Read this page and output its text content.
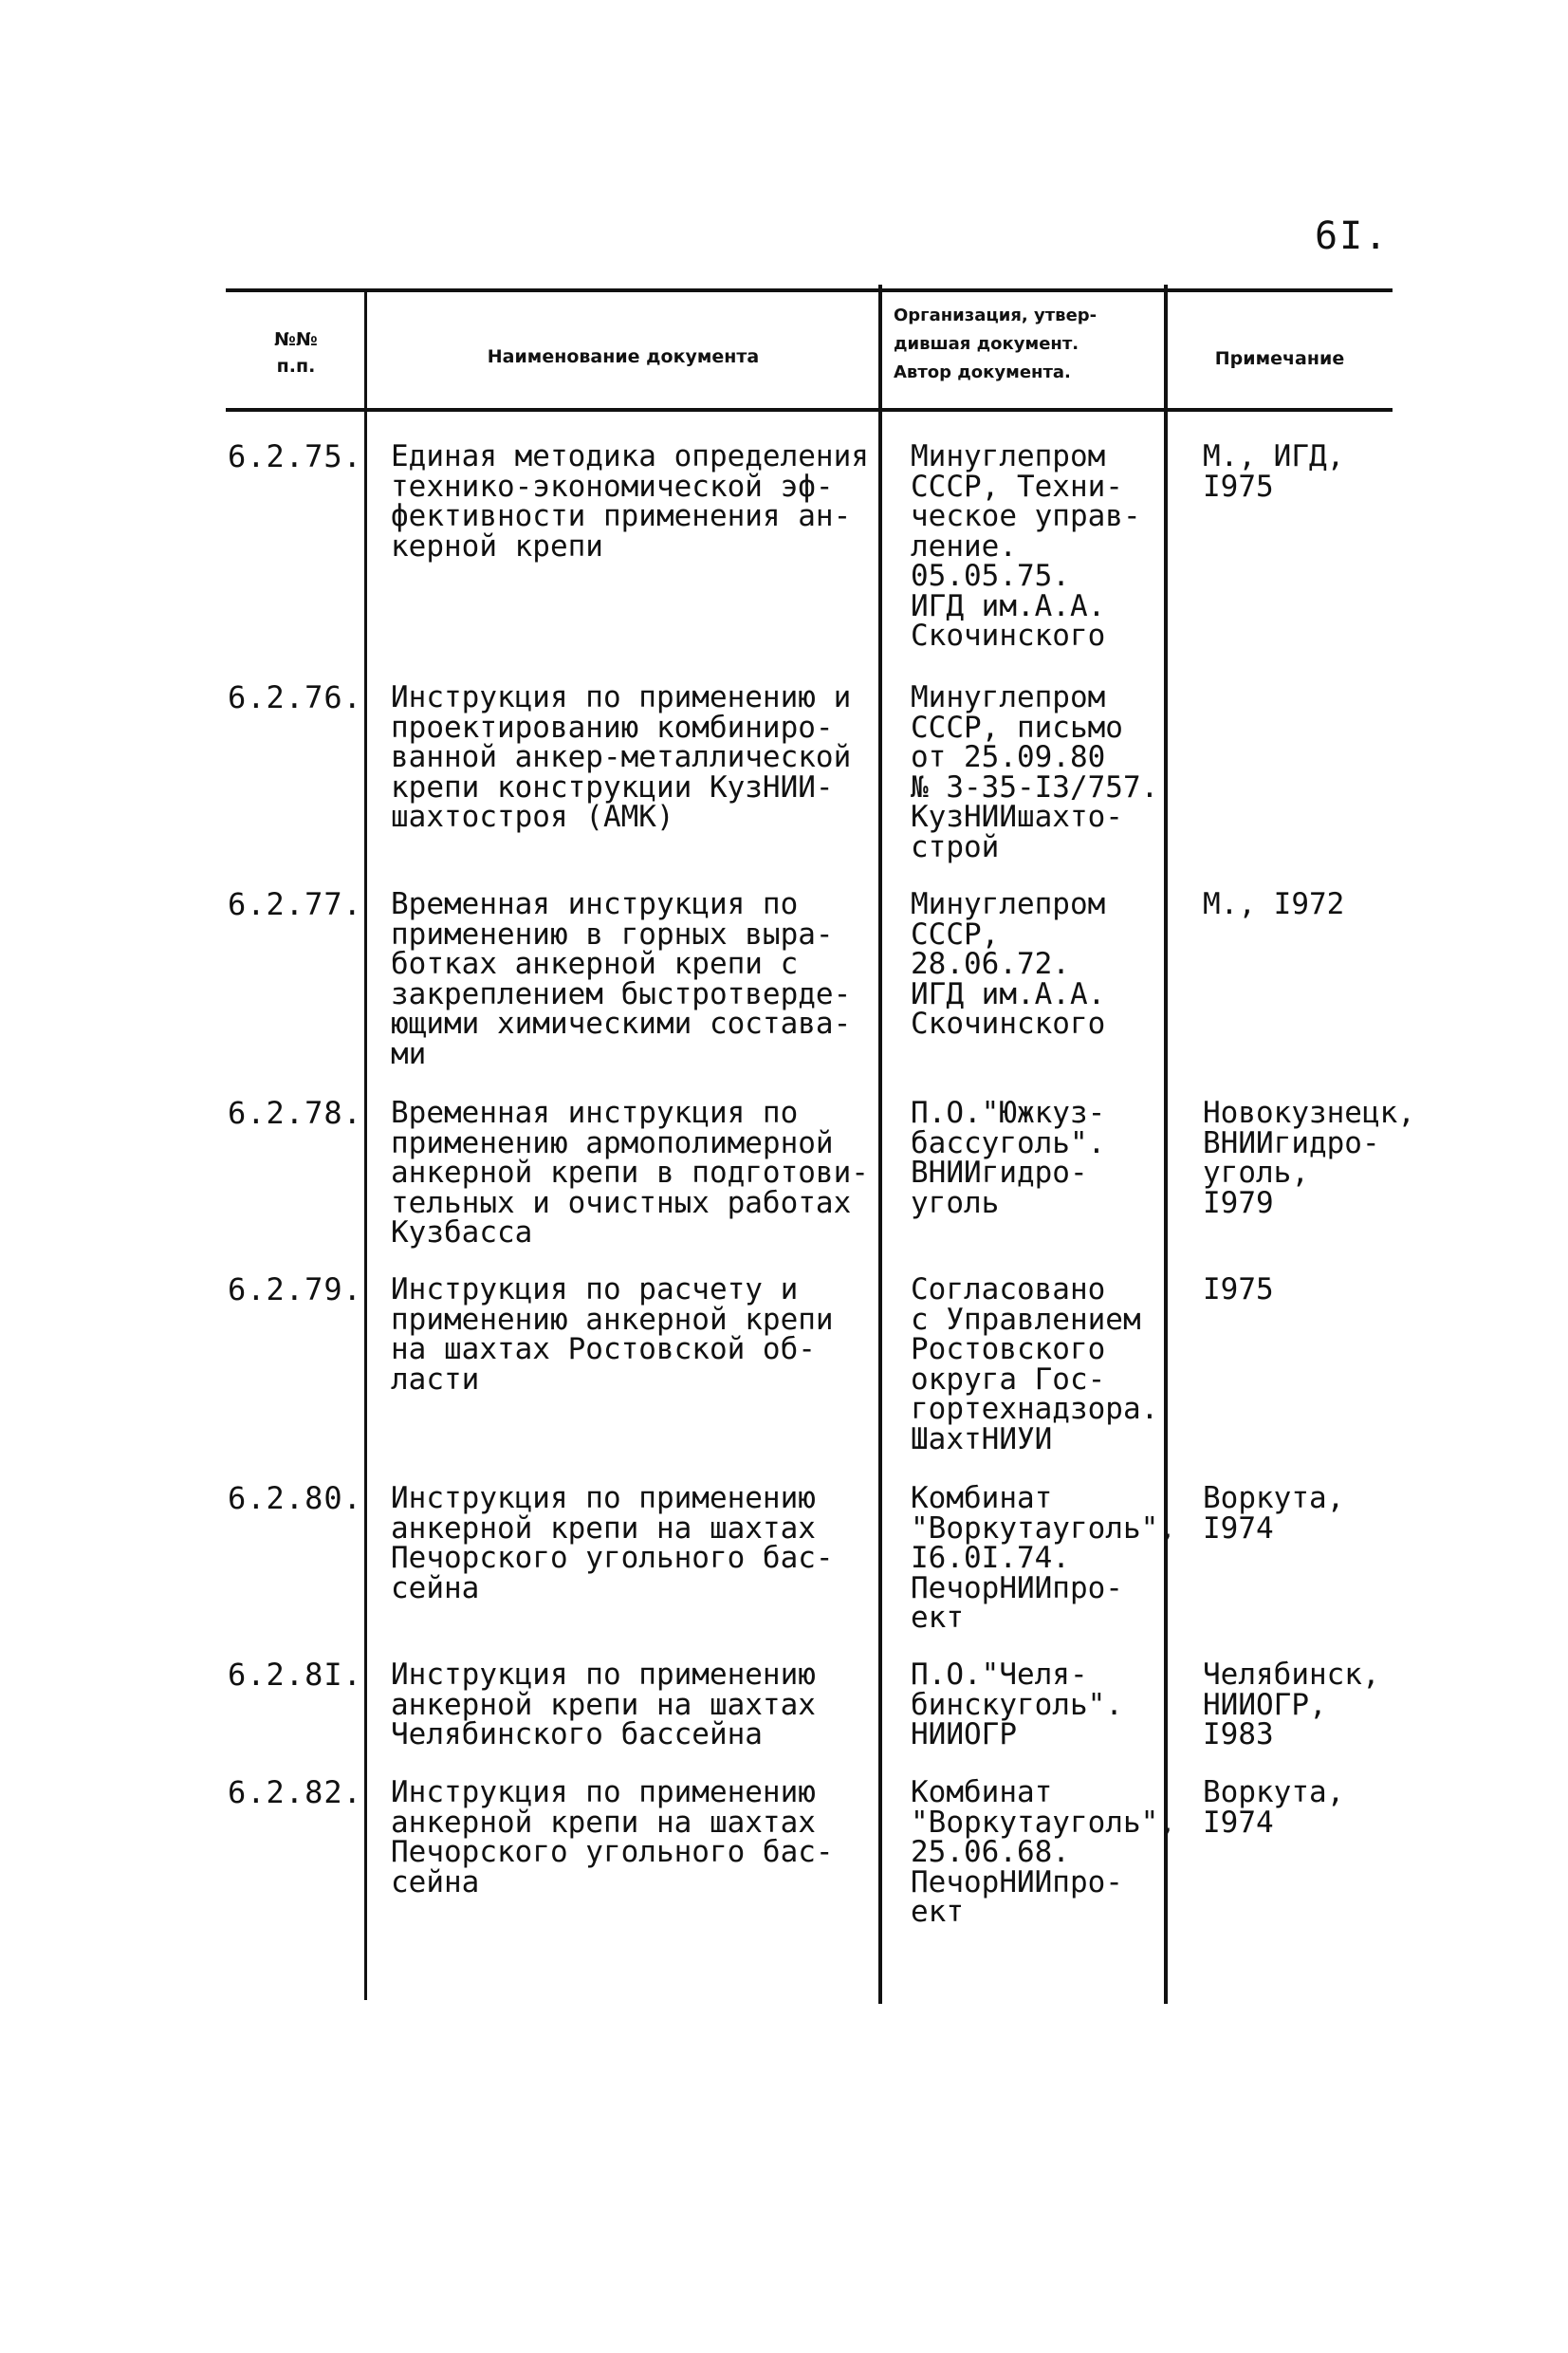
6I.
№№
п.п.	Наименование документа
Организация, утвер-
дившая документ.
Автор документа.
Примечание
6.2.75. Единая методика определения
технико-экономической эф-
фективности применения ан-
керной крепи
Минуглепром
СССР, Техни-
ческое управ-
ление.
05.05.75.
ИГД им.А.А.
Скочинского
М., ИГД,
I975
6.2.76. Инструкция по применению и
проектированию комбиниро-
ванной анкер-металлической
крепи конструкции КузНИИ-
шахтостроя (АМК)
Минуглепром
СССР, письмо
от 25.09.80
№ 3-35-I3/757.
КузНИИшахто-
строй
6.2.77. Временная инструкция по
применению в горных выра-
ботках анкерной крепи с
закреплением быстротверде-
ющими химическими состава-
ми
Минуглепром
СССР,
28.06.72.
ИГД им.А.А.
Скочинского
М., I972
6.2.78. Временная инструкция по
применению армополимерной
анкерной крепи в подготови-
тельных и очистных работах
Кузбасса
П.О."Южкуз-
бассуголь".
ВНИИгидро-
уголь
Новокузнецк,
ВНИИгидро-
уголь,
I979
6.2.79. Инструкция по расчету и
применению анкерной крепи
на шахтах Ростовской об-
ласти
Согласовано
с Управлением
Ростовского
округа Гос-
гортехнадзора.
ШахтНИУИ
I975
6.2.80. Инструкция по применению
анкерной крепи на шахтах
Печорского угольного бас-
сейна
Комбинат
"Воркутауголь",
I6.0I.74.
ПечорНИИпро-
ект
Воркута,
I974
6.2.8I. Инструкция по применению
анкерной крепи на шахтах
Челябинского бассейна
П.О."Челя-
бинскуголь".
НИИОГР
Челябинск,
НИИОГР,
I983
6.2.82. Инструкция по применению
анкерной крепи на шахтах
Печорского угольного бас-
сейна
Комбинат
"Воркутауголь",
25.06.68.
ПечорНИИпро-
ект
Воркута,
I974
